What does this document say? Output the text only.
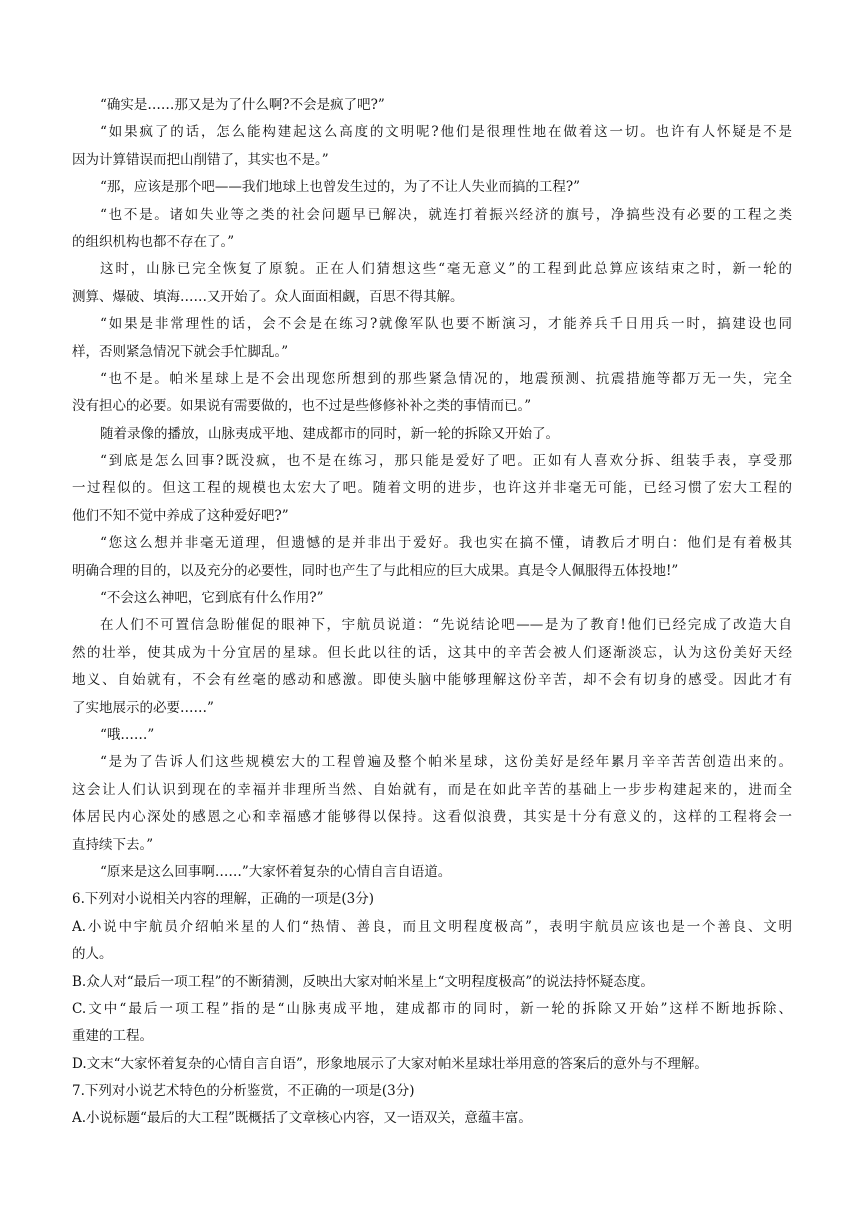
“确实是……那又是为了什么啊?不会是疯了吧?”
“如果疯了的话，怎么能构建起这么高度的文明呢?他们是很理性地在做着这一切。也许有人怀疑是不是
因为计算错误而把山削错了，其实也不是。”
“那，应该是那个吧——我们地球上也曾发生过的，为了不让人失业而搞的工程?”
“也不是。诸如失业等之类的社会问题早已解决，就连打着振兴经济的旗号，净搞些没有必要的工程之类
的组织机构也都不存在了。”
这时，山脉已完全恢复了原貌。正在人们猜想这些“毫无意义”的工程到此总算应该结束之时，新一轮的
测算、爆破、填海……又开始了。众人面面相觑，百思不得其解。
“如果是非常理性的话，会不会是在练习?就像军队也要不断演习，才能养兵千日用兵一时，搞建设也同
样，否则紧急情况下就会手忙脚乱。”
“也不是。帕米星球上是不会出现您所想到的那些紧急情况的，地震预测、抗震措施等都万无一失，完全
没有担心的必要。如果说有需要做的，也不过是些修修补补之类的事情而已。”
随着录像的播放，山脉夷成平地、建成都市的同时，新一轮的拆除又开始了。
“到底是怎么回事?既没疯，也不是在练习，那只能是爱好了吧。正如有人喜欢分拆、组装手表，享受那
一过程似的。但这工程的规模也太宏大了吧。随着文明的进步，也许这并非毫无可能，已经习惯了宏大工程的
他们不知不觉中养成了这种爱好吧?”
“您这么想并非毫无道理，但遗憾的是并非出于爱好。我也实在搞不懂，请教后才明白：他们是有着极其
明确合理的目的，以及充分的必要性，同时也产生了与此相应的巨大成果。真是令人佩服得五体投地!”
“不会这么神吧，它到底有什么作用?”
在人们不可置信急盼催促的眼神下，宇航员说道：“先说结论吧——是为了教育!他们已经完成了改造大自
然的壮举，使其成为十分宜居的星球。但长此以往的话，这其中的辛苦会被人们逐渐淡忘，认为这份美好天经
地义、自始就有，不会有丝毫的感动和感激。即使头脑中能够理解这份辛苦，却不会有切身的感受。因此才有
了实地展示的必要……”
“哦……”
“是为了告诉人们这些规模宏大的工程曾遍及整个帕米星球，这份美好是经年累月辛辛苦苦创造出来的。
这会让人们认识到现在的幸福并非理所当然、自始就有，而是在如此辛苦的基础上一步步构建起来的，进而全
体居民内心深处的感恩之心和幸福感才能够得以保持。这看似浪费，其实是十分有意义的，这样的工程将会一
直持续下去。”
“原来是这么回事啊……”大家怀着复杂的心情自言自语道。
6.下列对小说相关内容的理解，正确的一项是(3分)
A.小说中宇航员介绍帕米星的人们“热情、善良，而且文明程度极高”，表明宇航员应该也是一个善良、文明
的人。
B.众人对“最后一项工程”的不断猜测，反映出大家对帕米星上“文明程度极高”的说法持怀疑态度。
C.文中“最后一项工程”指的是“山脉夷成平地，建成都市的同时，新一轮的拆除又开始”这样不断地拆除、
重建的工程。
D.文末“大家怀着复杂的心情自言自语”，形象地展示了大家对帕米星球壮举用意的答案后的意外与不理解。
7.下列对小说艺术特色的分析鉴赏，不正确的一项是(3分)
A.小说标题“最后的大工程”既概括了文章核心内容，又一语双关，意蕴丰富。
